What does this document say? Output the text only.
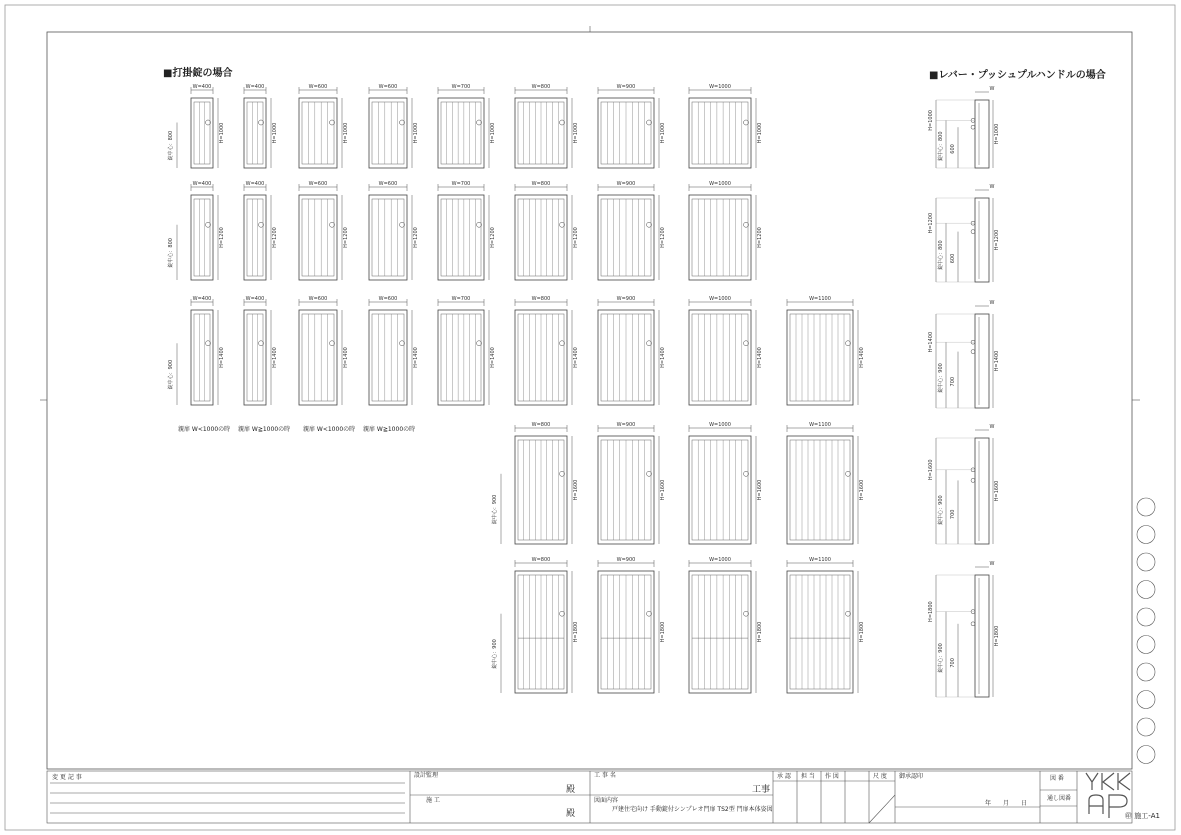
W=400
H=1000
錠中心：800
W=400
H=1000
W=600
H=1000
W=600
H=1000
W=700
H=1000
W=800
H=1000
W=900
H=1000
W=1000
H=1000
W=400
H=1200
錠中心：800
W=400
H=1200
W=600
H=1200
W=600
H=1200
W=700
H=1200
W=800
H=1200
W=900
H=1200
W=1000
H=1200
W=400
H=1400
錠中心：900
W=400
H=1400
W=600
H=1400
W=600
H=1400
W=700
H=1400
W=800
H=1400
W=900
H=1400
W=1000
H=1400
W=1100
H=1400
W=800
H=1600
錠中心：900
W=900
H=1600
W=1000
H=1600
W=1100
H=1600
W=800
H=1800
錠中心：900
W=900
H=1800
W=1000
H=1800
W=1100
H=1800
W
H=1000
錠中心：800 600
H=1000
W
H=1200
錠中心：800 600
H=1200
W
H=1400
錠中心：900 700
H=1400
W
H=1600
錠中心：900 700
H=1600
W
H=1800
錠中心：900 700
H=1800
■打掛錠の場合	■レバー・プッシュプルハンドルの場合
親扉 W<1000の時 親扉 W≧1000の時 親扉 W<1000の時 親扉 W≧1000の時
変 更 記 事	設計監理
施 工
殿
殿
工 事 名
工事
図面内容
戸建住宅向け 手動錠付シンプレオ門扉 TS2型 門扉本体姿図
承 認 担 当 作 図	尺 度 御承認印
年　　月　　日
図 番
通し図番
㊞ 施工-A1
